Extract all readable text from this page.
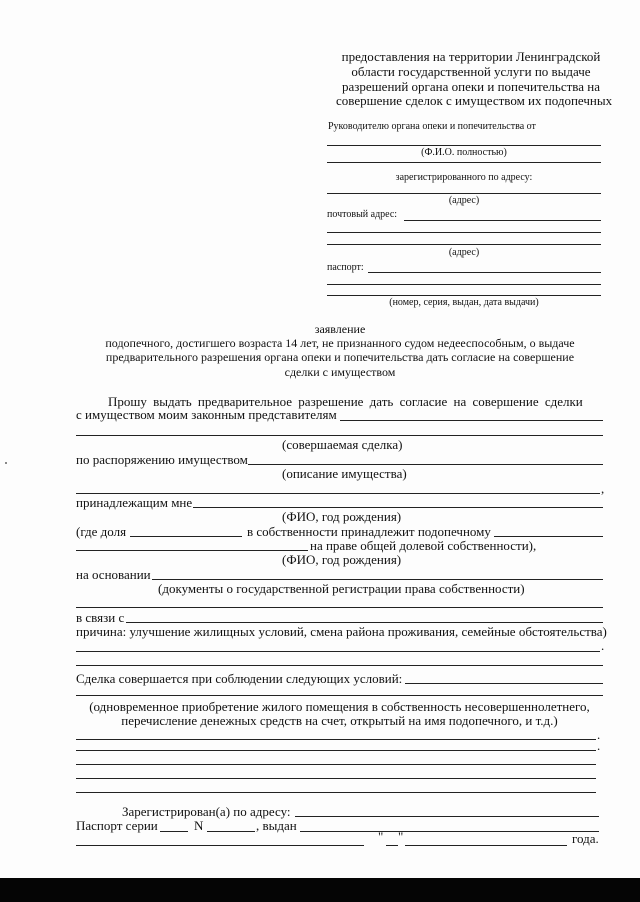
предоставления на территории Ленинградской
области государственной услуги по выдаче
разрешений органа опеки и попечительства на
совершение сделок с имуществом их подопечных
Руководителю органа опеки и попечительства от
(Ф.И.О. полностью)
зарегистрированного по адресу:
(адрес)
почтовый адрес:
(адрес)
паспорт:
(номер, серия, выдан, дата выдачи)
заявление
подопечного, достигшего возраста 14 лет, не признанного судом недееспособным, о выдаче
предварительного разрешения органа опеки и попечительства дать согласие на совершение
сделки с имуществом
Прошу выдать предварительное разрешение дать согласие на совершение сделки
с имуществом моим законным представителям
(совершаемая сделка)
по распоряжению имуществом
(описание имущества)
,
принадлежащим мне
(ФИО, год рождения)
(где доля	в собственности принадлежит подопечному
на праве общей долевой собственности),
(ФИО, год рождения)
на основании
(документы о государственной регистрации права собственности)
в связи с
причина: улучшение жилищных условий, смена района проживания, семейные обстоятельства)
.
Сделка совершается при соблюдении следующих условий:
(одновременное приобретение жилого помещения в собственность несовершеннолетнего,
перечисление денежных средств на счет, открытый на имя подопечного, и т.д.)
.
.
Зарегистрирован(а) по адресу:
Паспорт серии	N	, выдан
" "	года.
